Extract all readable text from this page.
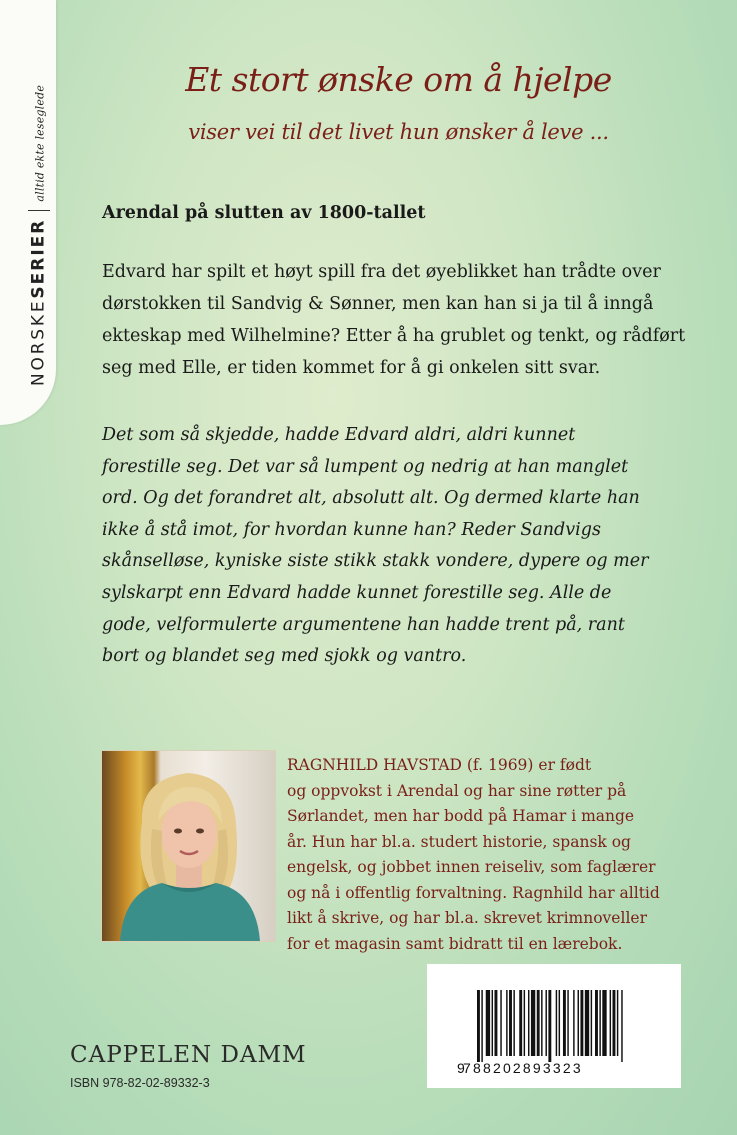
NORSKESERIERalltid ekte leseglede
Et stort ønske om å hjelpe
viser vei til det livet hun ønsker å leve ...
Arendal på slutten av 1800-tallet
Edvard har spilt et høyt spill fra det øyeblikket han trådte over
dørstokken til Sandvig & Sønner, men kan han si ja til å inngå
ekteskap med Wilhelmine? Etter å ha grublet og tenkt, og rådført
seg med Elle, er tiden kommet for å gi onkelen sitt svar.
Det som så skjedde, hadde Edvard aldri, aldri kunnet
forestille seg. Det var så lumpent og nedrig at han manglet
ord. Og det forandret alt, absolutt alt. Og dermed klarte han
ikke å stå imot, for hvordan kunne han? Reder Sandvigs
skånselløse, kyniske siste stikk stakk vondere, dypere og mer
sylskarpt enn Edvard hadde kunnet forestille seg. Alle de
gode, velformulerte argumentene han hadde trent på, rant
bort og blandet seg med sjokk og vantro.
RAGNHILD HAVSTAD (f. 1969) er født
og oppvokst i Arendal og har sine røtter på
Sørlandet, men har bodd på Hamar i mange
år. Hun har bl.a. studert historie, spansk og
engelsk, og jobbet innen reiseliv, som faglærer
og nå i offentlig forvaltning. Ragnhild har alltid
likt å skrive, og har bl.a. skrevet krimnoveller
for et magasin samt bidratt til en lærebok.
CAPPELEN DAMM
ISBN 978-82-02-89332-3
9
788202893323
